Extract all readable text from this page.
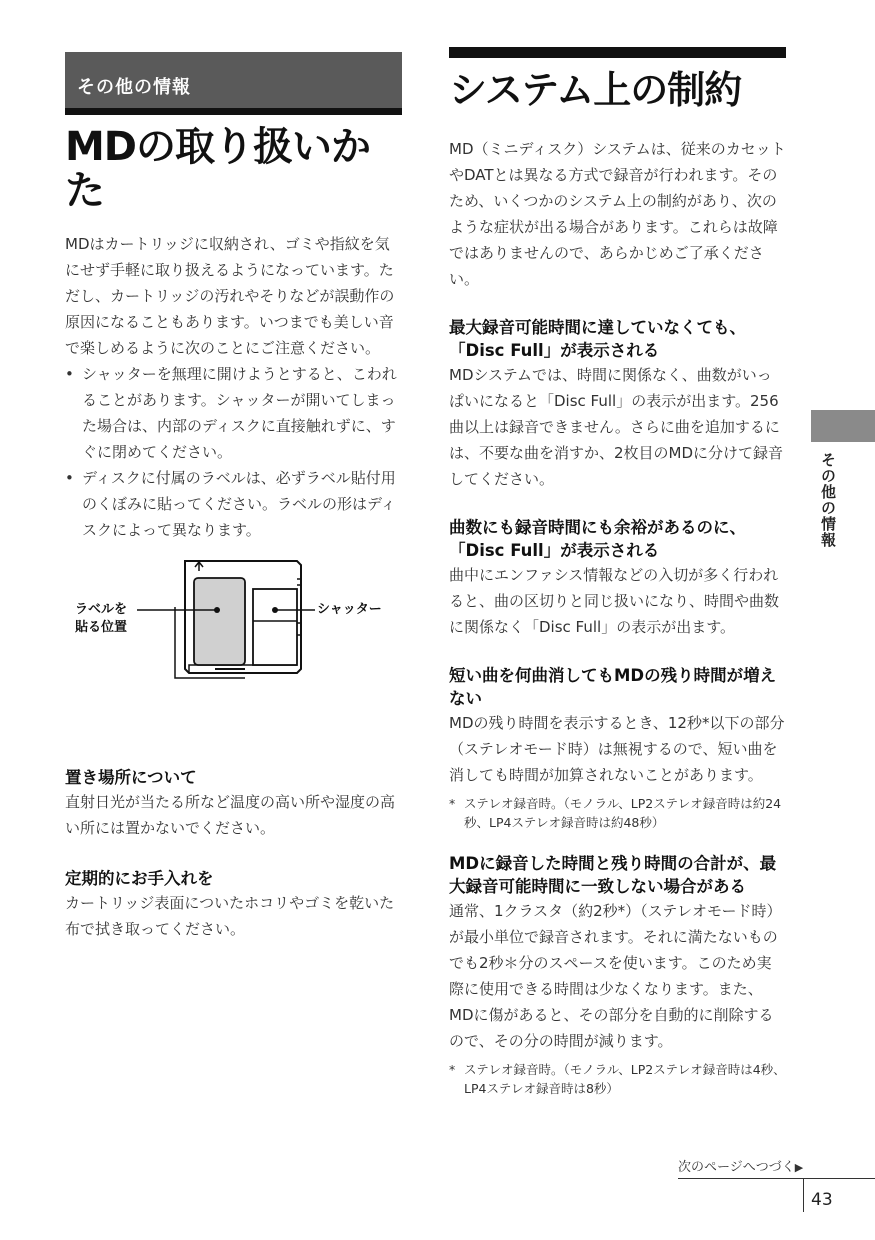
その他の情報
MDの取り扱いかた

MDはカートリッジに収納され、ゴミや指紋を気にせず手軽に取り扱えるようになっています。ただし、カートリッジの汚れやそりなどが誤動作の原因になることもあります。いつまでも美しい音で楽しめるように次のことにご注意ください。

• シャッターを無理に開けようとすると、こわれることがあります。シャッターが開いてしまった場合は、内部のディスクに直接触れずに、すぐに閉めてください。
• ディスクに付属のラベルは、必ずラベル貼付用のくぼみに貼ってください。ラベルの形はディスクによって異なります。
ラベルを
貼る位置
シャッター
置き場所について

直射日光が当たる所など温度の高い所や湿度の高い所には置かないでください。

定期的にお手入れを

カートリッジ表面についたホコリやゴミを乾いた布で拭き取ってください。

システム上の制約

MD（ミニディスク）システムは、従来のカセットやDATとは異なる方式で録音が行われます。そのため、いくつかのシステム上の制約があり、次のような症状が出る場合があります。これらは故障ではありませんので、あらかじめご了承ください。

最大録音可能時間に達していなくても、「Disc Full」が表示される

MDシステムでは、時間に関係なく、曲数がいっぱいになると「Disc Full」の表示が出ます。256曲以上は録音できません。さらに曲を追加するには、不要な曲を消すか、2枚目のMDに分けて録音してください。

曲数にも録音時間にも余裕があるのに、「Disc Full」が表示される

曲中にエンファシス情報などの入切が多く行われると、曲の区切りと同じ扱いになり、時間や曲数に関係なく「Disc Full」の表示が出ます。

短い曲を何曲消してもMDの残り時間が増えない

MDの残り時間を表示するとき、12秒*以下の部分（ステレオモード時）は無視するので、短い曲を消しても時間が加算されないことがあります。

* ステレオ録音時。（モノラル、LP2ステレオ録音時は約24秒、LP4ステレオ録音時は約48秒）
MDに録音した時間と残り時間の合計が、最大録音可能時間に一致しない場合がある

通常、1クラスタ（約2秒*）（ステレオモード時）が最小単位で録音されます。それに満たないものでも2秒＊分のスペースを使います。このため実際に使用できる時間は少なくなります。また、MDに傷があると、その部分を自動的に削除するので、その分の時間が減ります。

* ステレオ録音時。（モノラル、LP2ステレオ録音時は4秒、LP4ステレオ録音時は8秒）
その他の情報
次のページへつづく▶
43
